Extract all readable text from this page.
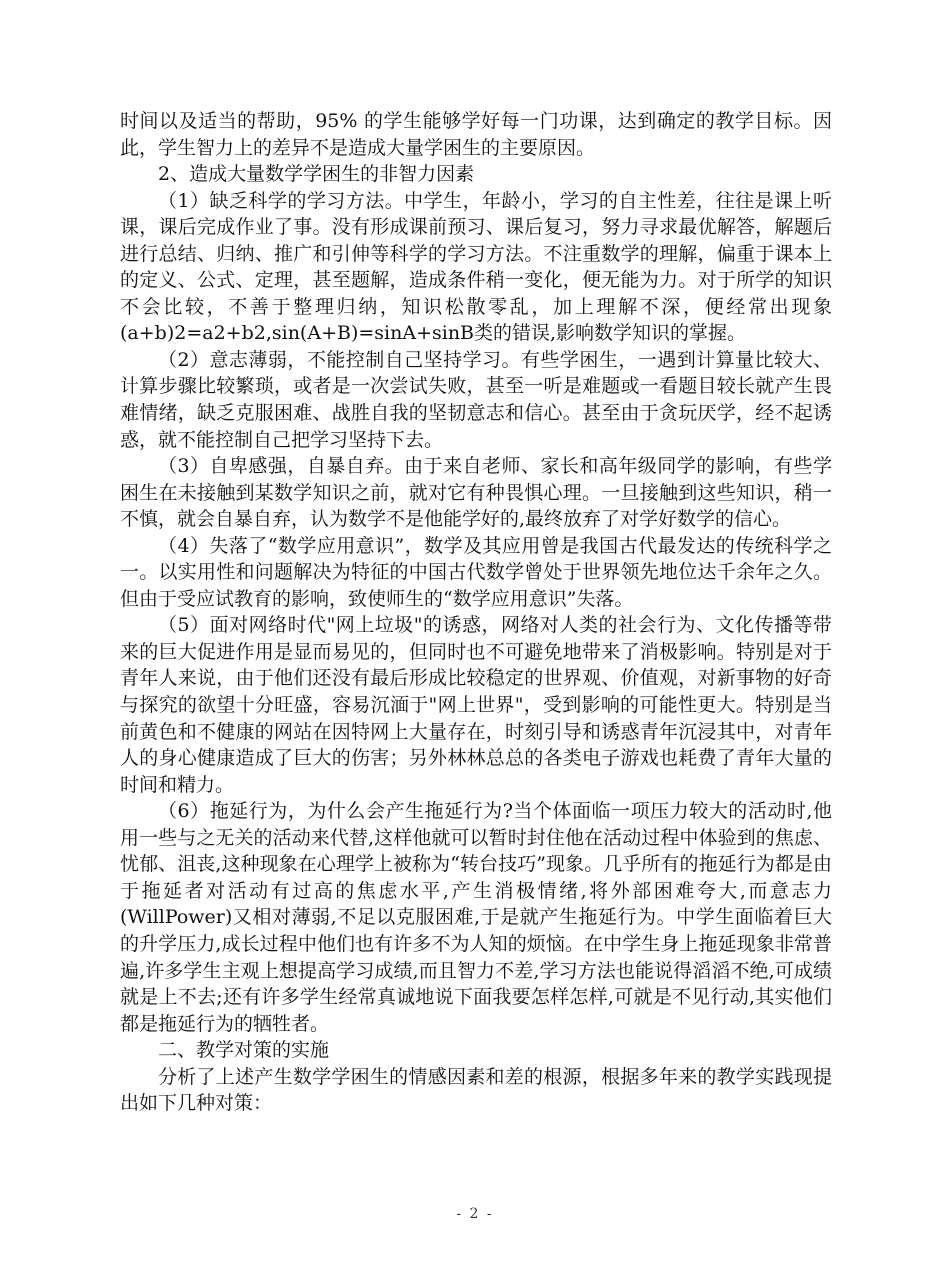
时间以及适当的帮助，95% 的学生能够学好每一门功课，达到确定的教学目标。因此，学生智力上的差异不是造成大量学困生的主要原因。

2、造成大量数学学困生的非智力因素

（1）缺乏科学的学习方法。中学生，年龄小，学习的自主性差，往往是课上听课，课后完成作业了事。没有形成课前预习、课后复习，努力寻求最优解答，解题后进行总结、归纳、推广和引伸等科学的学习方法。不注重数学的理解，偏重于课本上的定义、公式、定理，甚至题解，造成条件稍一变化，便无能为力。对于所学的知识不会比较，不善于整理归纳，知识松散零乱，加上理解不深，便经常出现象(a+b)2=a2+b2,sin(A+B)=sinA+sinB类的错误,影响数学知识的掌握。

（2）意志薄弱，不能控制自己坚持学习。有些学困生，一遇到计算量比较大、计算步骤比较繁琐，或者是一次尝试失败，甚至一听是难题或一看题目较长就产生畏难情绪，缺乏克服困难、战胜自我的坚韧意志和信心。甚至由于贪玩厌学，经不起诱惑，就不能控制自己把学习坚持下去。

（3）自卑感强，自暴自弃。由于来自老师、家长和高年级同学的影响，有些学困生在未接触到某数学知识之前，就对它有种畏惧心理。一旦接触到这些知识，稍一不慎，就会自暴自弃，认为数学不是他能学好的,最终放弃了对学好数学的信心。

（4）失落了“数学应用意识”，数学及其应用曾是我国古代最发达的传统科学之一。以实用性和问题解决为特征的中国古代数学曾处于世界领先地位达千余年之久。但由于受应试教育的影响，致使师生的“数学应用意识”失落。

（5）面对网络时代"网上垃圾"的诱惑，网络对人类的社会行为、文化传播等带来的巨大促进作用是显而易见的，但同时也不可避免地带来了消极影响。特别是对于青年人来说，由于他们还没有最后形成比较稳定的世界观、价值观，对新事物的好奇与探究的欲望十分旺盛，容易沉湎于"网上世界"，受到影响的可能性更大。特别是当前黄色和不健康的网站在因特网上大量存在，时刻引导和诱惑青年沉浸其中，对青年人的身心健康造成了巨大的伤害；另外林林总总的各类电子游戏也耗费了青年大量的时间和精力。

（6）拖延行为，为什么会产生拖延行为?当个体面临一项压力较大的活动时,他用一些与之无关的活动来代替,这样他就可以暂时封住他在活动过程中体验到的焦虑、忧郁、沮丧,这种现象在心理学上被称为“转台技巧”现象。几乎所有的拖延行为都是由于拖延者对活动有过高的焦虑水平,产生消极情绪,将外部困难夸大,而意志力(WillPower)又相对薄弱,不足以克服困难,于是就产生拖延行为。中学生面临着巨大的升学压力,成长过程中他们也有许多不为人知的烦恼。在中学生身上拖延现象非常普遍,许多学生主观上想提高学习成绩,而且智力不差,学习方法也能说得滔滔不绝,可成绩就是上不去;还有许多学生经常真诚地说下面我要怎样怎样,可就是不见行动,其实他们都是拖延行为的牺牲者。

二、教学对策的实施

分析了上述产生数学学困生的情感因素和差的根源，根据多年来的教学实践现提出如下几种对策：

- 2 -
